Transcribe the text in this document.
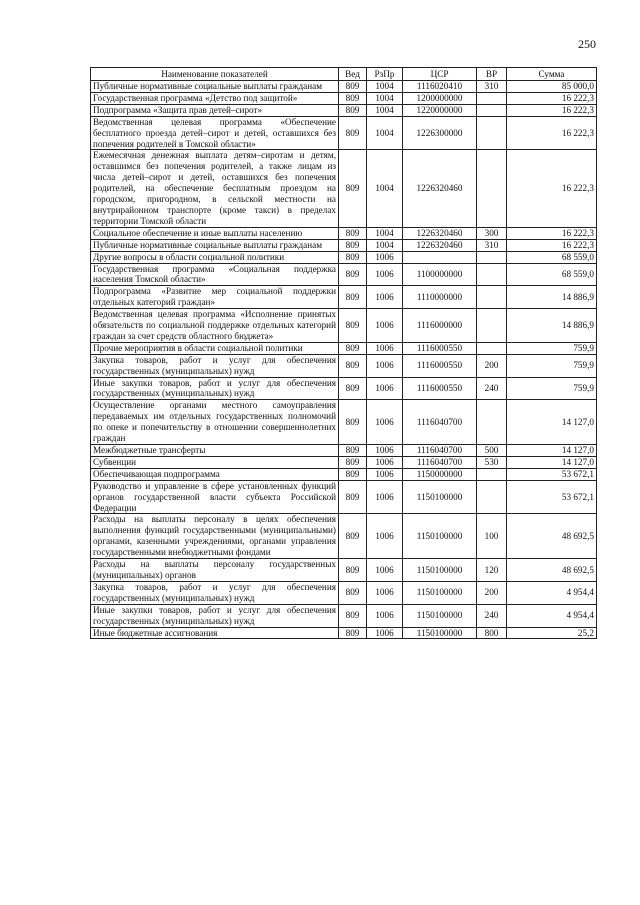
250
Наименование показателей	Вед	РзПр	ЦСР	ВР	Сумма
Публичные нормативные социальные выплаты гражданам	809	1004	1116020410	310	85 000,0
Государственная программа «Детство под защитой»	809	1004	1200000000		16 222,3
Подпрограмма «Защита прав детей–сирот»	809	1004	1220000000		16 222,3
Ведомственная целевая программа «Обеспечение бесплатного проезда детей–сирот и детей, оставшихся без попечения родителей в Томской области»	809	1004	1226300000		16 222,3
Ежемесячная денежная выплата детям–сиротам и детям, оставшимся без попечения родителей, а также лицам из числа детей–сирот и детей, оставшихся без попечения родителей, на обеспечение бесплатным проездом на городском, пригородном, в сельской местности на внутрирайонном транспорте (кроме такси) в пределах территории Томской области	809	1004	1226320460		16 222,3
Социальное обеспечение и иные выплаты населению	809	1004	1226320460	300	16 222,3
Публичные нормативные социальные выплаты гражданам	809	1004	1226320460	310	16 222,3
Другие вопросы в области социальной политики	809	1006			68 559,0
Государственная программа «Социальная поддержка населения Томской области»	809	1006	1100000000		68 559,0
Подпрограмма «Развитие мер социальной поддержки отдельных категорий граждан»	809	1006	1110000000		14 886,9
Ведомственная целевая программа «Исполнение принятых обязательств по социальной поддержке отдельных категорий граждан за счет средств областного бюджета»	809	1006	1116000000		14 886,9
Прочие мероприятия в области социальной политики	809	1006	1116000550		759,9
Закупка товаров, работ и услуг для обеспечения государственных (муниципальных) нужд	809	1006	1116000550	200	759,9
Иные закупки товаров, работ и услуг для обеспечения государственных (муниципальных) нужд	809	1006	1116000550	240	759,9
Осуществление органами местного самоуправления передаваемых им отдельных государственных полномочий по опеке и попечительству в отношении совершеннолетних граждан	809	1006	1116040700		14 127,0
Межбюджетные трансферты	809	1006	1116040700	500	14 127,0
Субвенции	809	1006	1116040700	530	14 127,0
Обеспечивающая подпрограмма	809	1006	1150000000		53 672,1
Руководство и управление в сфере установленных функций органов государственной власти субъекта Российской Федерации	809	1006	1150100000		53 672,1
Расходы на выплаты персоналу в целях обеспечения выполнения функций государственными (муниципальными) органами, казенными учреждениями, органами управления государственными внебюджетными фондами	809	1006	1150100000	100	48 692,5
Расходы на выплаты персоналу государственных (муниципальных) органов	809	1006	1150100000	120	48 692,5
Закупка товаров, работ и услуг для обеспечения государственных (муниципальных) нужд	809	1006	1150100000	200	4 954,4
Иные закупки товаров, работ и услуг для обеспечения государственных (муниципальных) нужд	809	1006	1150100000	240	4 954,4
Иные бюджетные ассигнования	809	1006	1150100000	800	25,2
